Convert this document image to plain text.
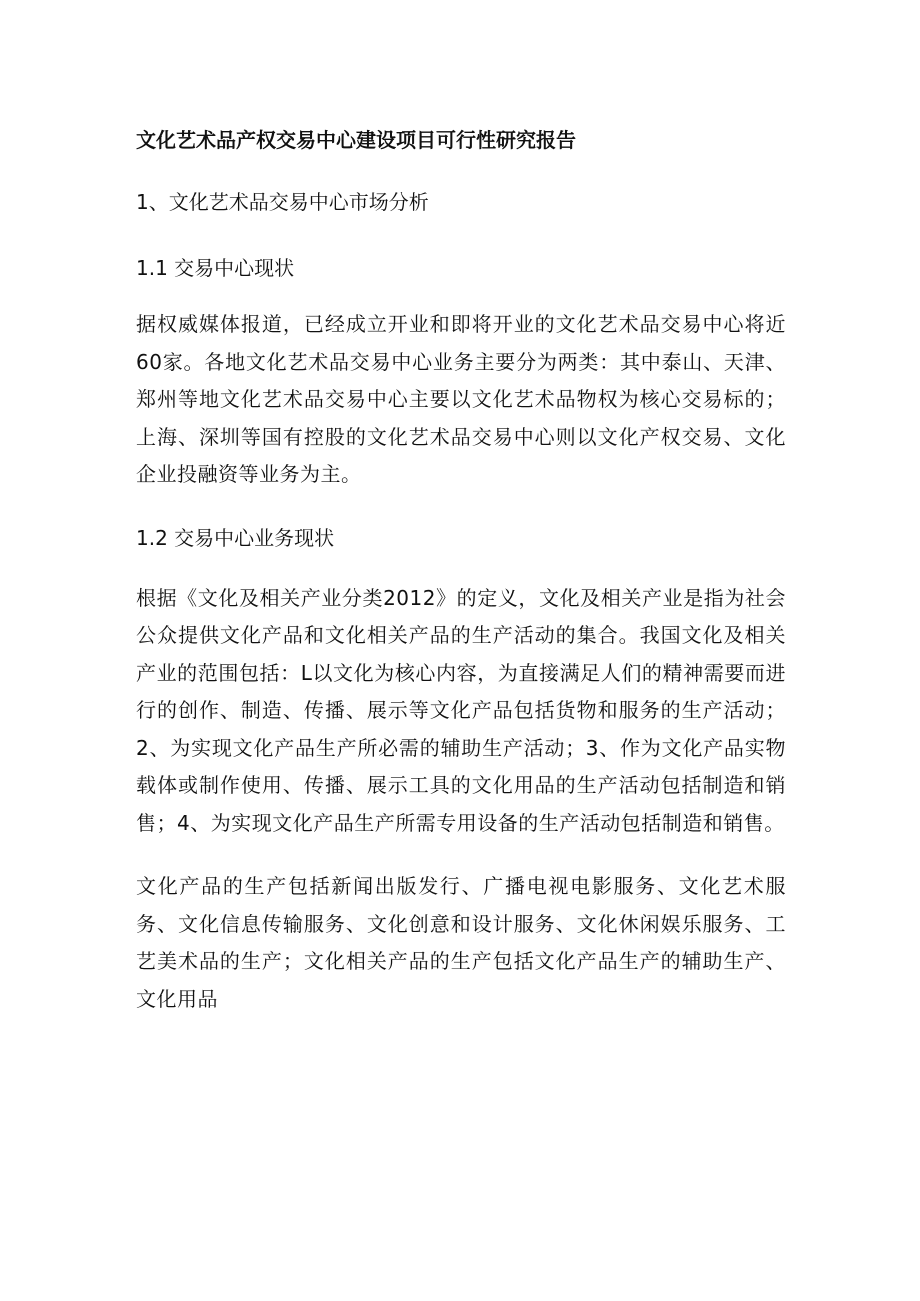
文化艺术品产权交易中心建设项目可行性研究报告
1、文化艺术品交易中心市场分析
1.1 交易中心现状
据权威媒体报道，已经成立开业和即将开业的文化艺术品交易中心将近60家。各地文化艺术品交易中心业务主要分为两类：其中泰山、天津、郑州等地文化艺术品交易中心主要以文化艺术品物权为核心交易标的；上海、深圳等国有控股的文化艺术品交易中心则以文化产权交易、文化企业投融资等业务为主。
1.2 交易中心业务现状
根据《文化及相关产业分类2012》的定义，文化及相关产业是指为社会公众提供文化产品和文化相关产品的生产活动的集合。我国文化及相关产业的范围包括：L以文化为核心内容，为直接满足人们的精神需要而进行的创作、制造、传播、展示等文化产品包括货物和服务的生产活动；2、为实现文化产品生产所必需的辅助生产活动；3、作为文化产品实物载体或制作使用、传播、展示工具的文化用品的生产活动包括制造和销售；4、为实现文化产品生产所需专用设备的生产活动包括制造和销售。
文化产品的生产包括新闻出版发行、广播电视电影服务、文化艺术服务、文化信息传输服务、文化创意和设计服务、文化休闲娱乐服务、工艺美术品的生产；文化相关产品的生产包括文化产品生产的辅助生产、文化用品
